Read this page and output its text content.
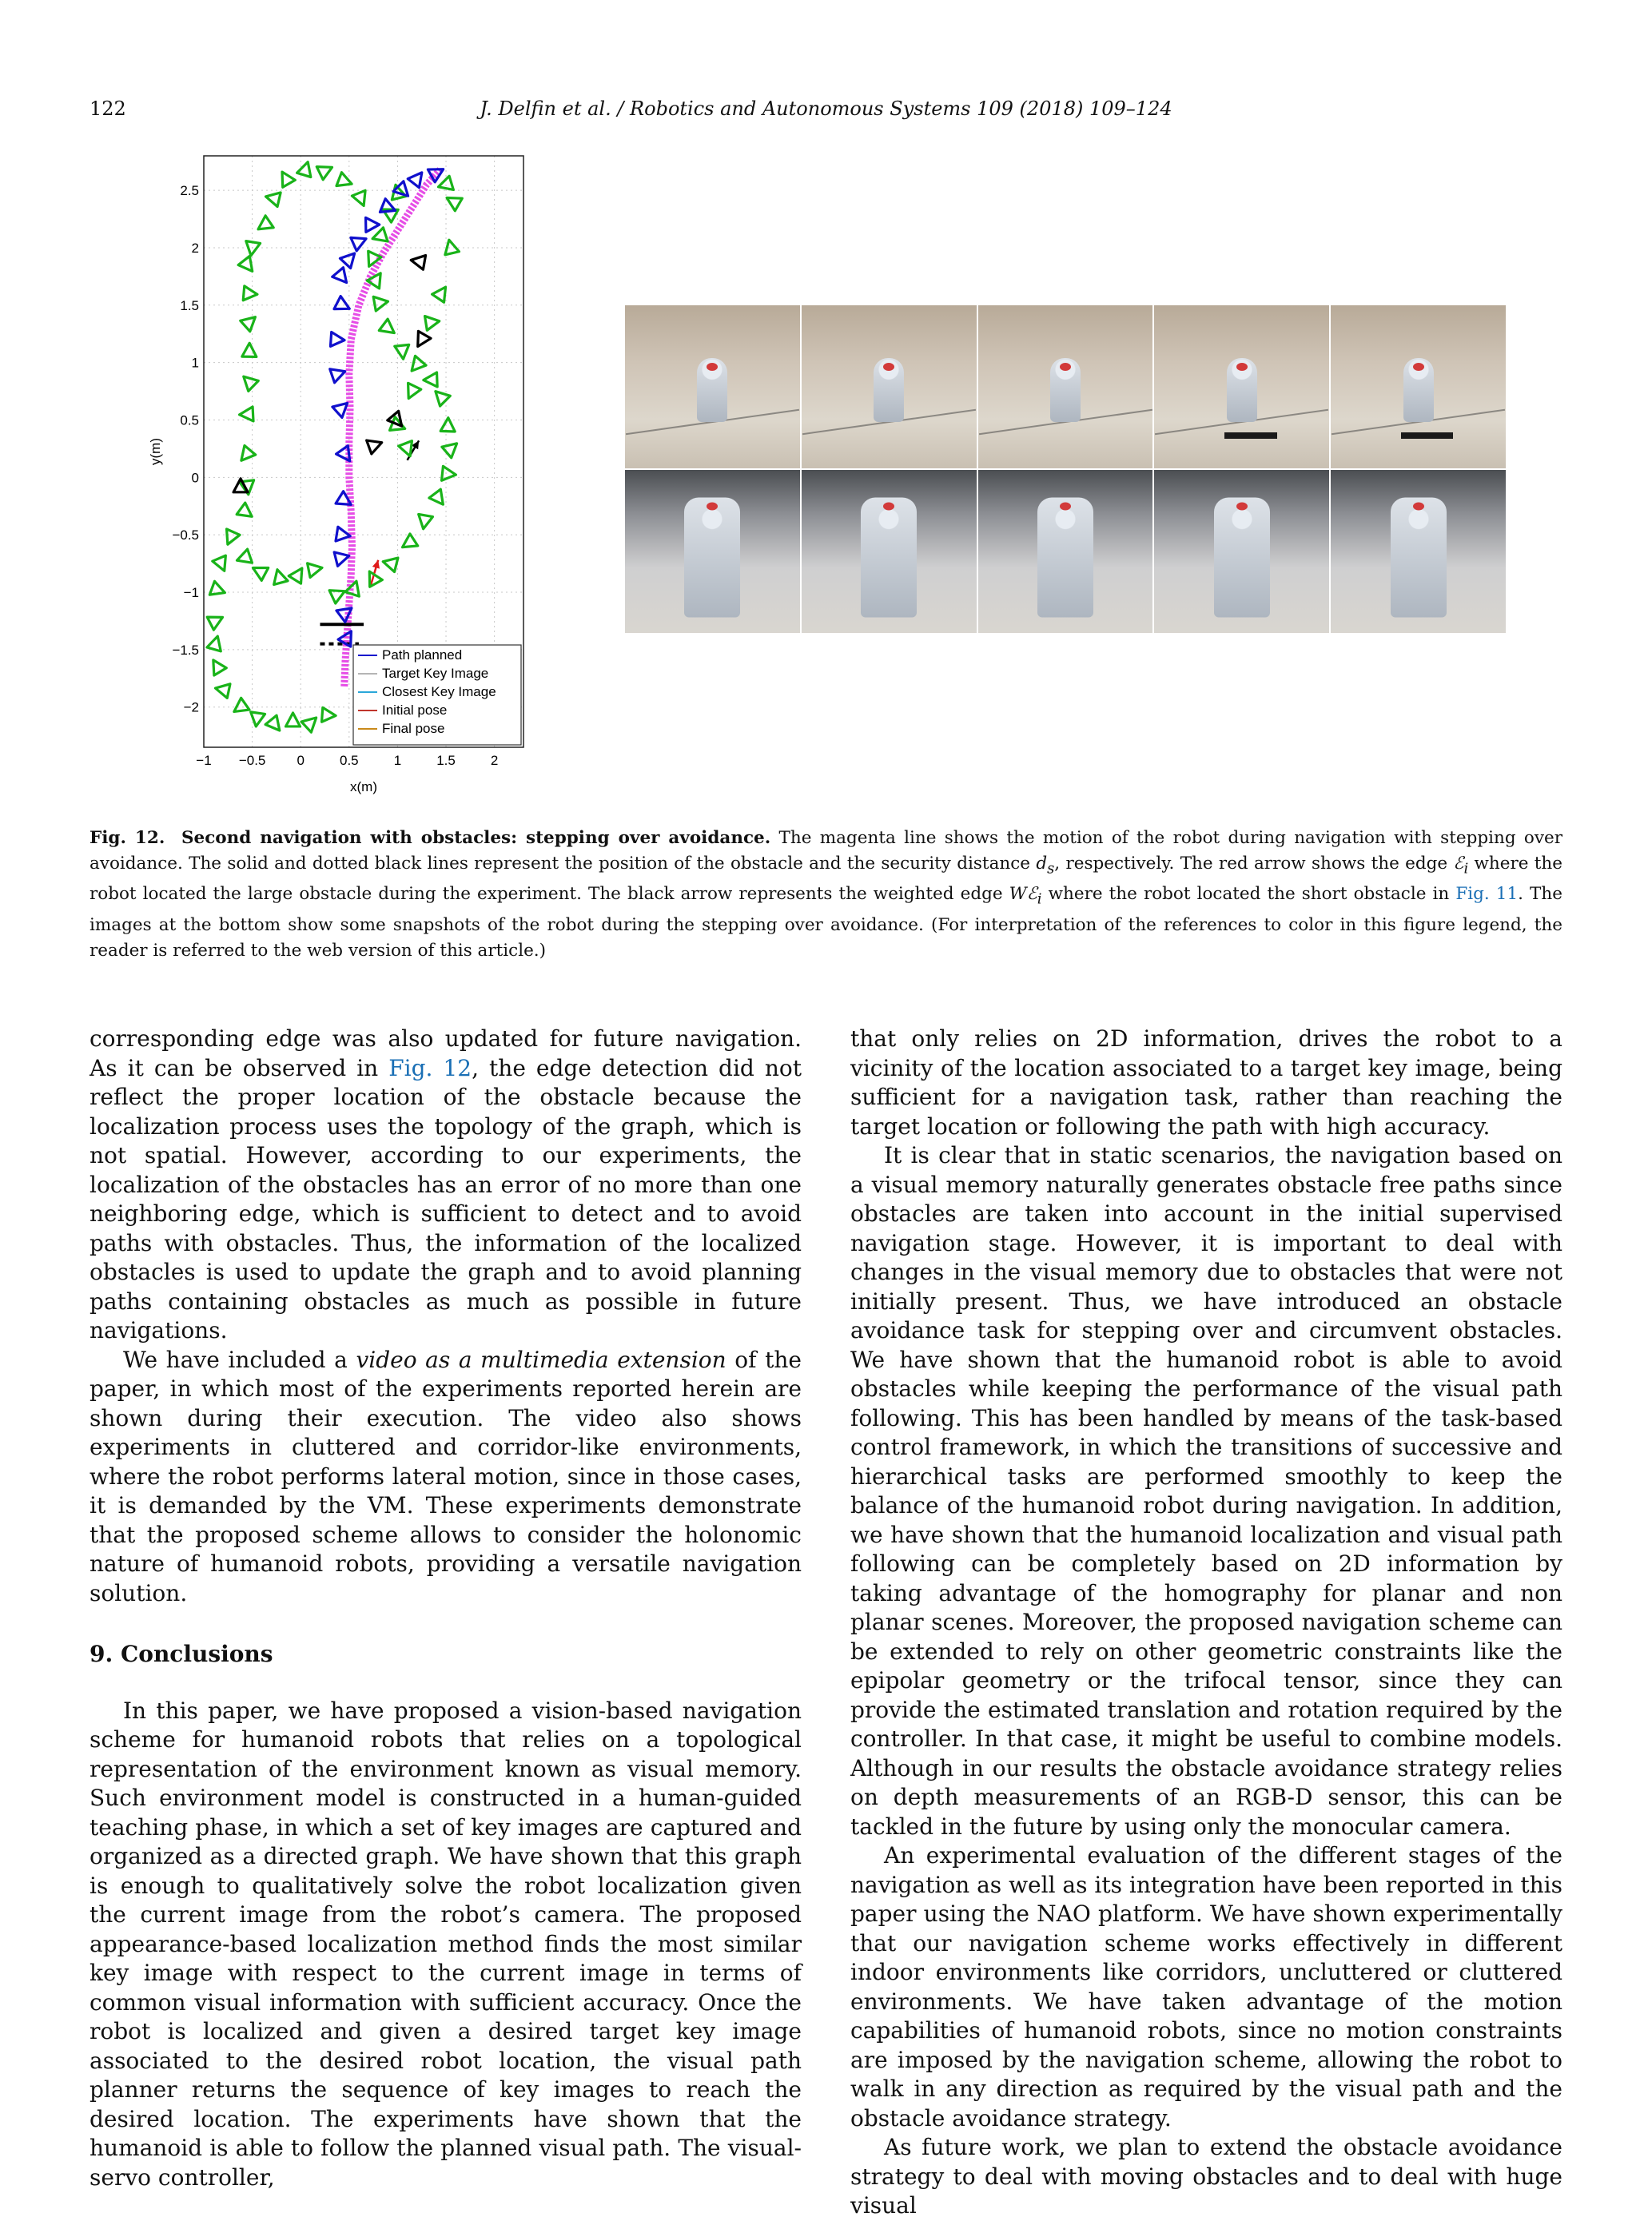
122	J. Delfin et al. / Robotics and Autonomous Systems 109 (2018) 109–124
−1 −0.5 0	0.5	1	1.5	2
2.5
2
1.5
1
0.5
0
−0.5
−1
−1.5
−2
x(m)
y(m)
Path planned
Target Key Image
Closest Key Image
Initial pose
Final pose
Fig. 12. Second navigation with obstacles: stepping over avoidance. The magenta line shows the motion of the robot during navigation with stepping over avoidance. The solid and dotted black lines represent the position of the obstacle and the security distance $d_s$, respectively. The red arrow shows the edge ℰ$_i$ where the robot located the large obstacle during the experiment. The black arrow represents the weighted edge Wℰ$_i$ where the robot located the short obstacle in Fig. 11. The images at the bottom show some snapshots of the robot during the stepping over avoidance. (For interpretation of the references to color in this figure legend, the reader is referred to the web version of this article.)

corresponding edge was also updated for future navigation. As it can be observed in Fig. 12, the edge detection did not reflect the proper location of the obstacle because the localization process uses the topology of the graph, which is not spatial. However, according to our experiments, the localization of the obstacles has an error of no more than one neighboring edge, which is sufficient to detect and to avoid paths with obstacles. Thus, the information of the localized obstacles is used to update the graph and to avoid planning paths containing obstacles as much as possible in future navigations.

We have included a video as a multimedia extension of the paper, in which most of the experiments reported herein are shown during their execution. The video also shows experiments in cluttered and corridor-like environments, where the robot performs lateral motion, since in those cases, it is demanded by the VM. These experiments demonstrate that the proposed scheme allows to consider the holonomic nature of humanoid robots, providing a versatile navigation solution.

9. Conclusions

In this paper, we have proposed a vision-based navigation scheme for humanoid robots that relies on a topological representation of the environment known as visual memory. Such environment model is constructed in a human-guided teaching phase, in which a set of key images are captured and organized as a directed graph. We have shown that this graph is enough to qualitatively solve the robot localization given the current image from the robot’s camera. The proposed appearance-based localization method finds the most similar key image with respect to the current image in terms of common visual information with sufficient accuracy. Once the robot is localized and given a desired target key image associated to the desired robot location, the visual path planner returns the sequence of key images to reach the desired location. The experiments have shown that the humanoid is able to follow the planned visual path. The visual-servo controller,

that only relies on 2D information, drives the robot to a vicinity of the location associated to a target key image, being sufficient for a navigation task, rather than reaching the target location or following the path with high accuracy.

It is clear that in static scenarios, the navigation based on a visual memory naturally generates obstacle free paths since obstacles are taken into account in the initial supervised navigation stage. However, it is important to deal with changes in the visual memory due to obstacles that were not initially present. Thus, we have introduced an obstacle avoidance task for stepping over and circumvent obstacles. We have shown that the humanoid robot is able to avoid obstacles while keeping the performance of the visual path following. This has been handled by means of the task-based control framework, in which the transitions of successive and hierarchical tasks are performed smoothly to keep the balance of the humanoid robot during navigation. In addition, we have shown that the humanoid localization and visual path following can be completely based on 2D information by taking advantage of the homography for planar and non planar scenes. Moreover, the proposed navigation scheme can be extended to rely on other geometric constraints like the epipolar geometry or the trifocal tensor, since they can provide the estimated translation and rotation required by the controller. In that case, it might be useful to combine models. Although in our results the obstacle avoidance strategy relies on depth measurements of an RGB-D sensor, this can be tackled in the future by using only the monocular camera.

An experimental evaluation of the different stages of the navigation as well as its integration have been reported in this paper using the NAO platform. We have shown experimentally that our navigation scheme works effectively in different indoor environments like corridors, uncluttered or cluttered environments. We have taken advantage of the motion capabilities of humanoid robots, since no motion constraints are imposed by the navigation scheme, allowing the robot to walk in any direction as required by the visual path and the obstacle avoidance strategy.

As future work, we plan to extend the obstacle avoidance strategy to deal with moving obstacles and to deal with huge visual
